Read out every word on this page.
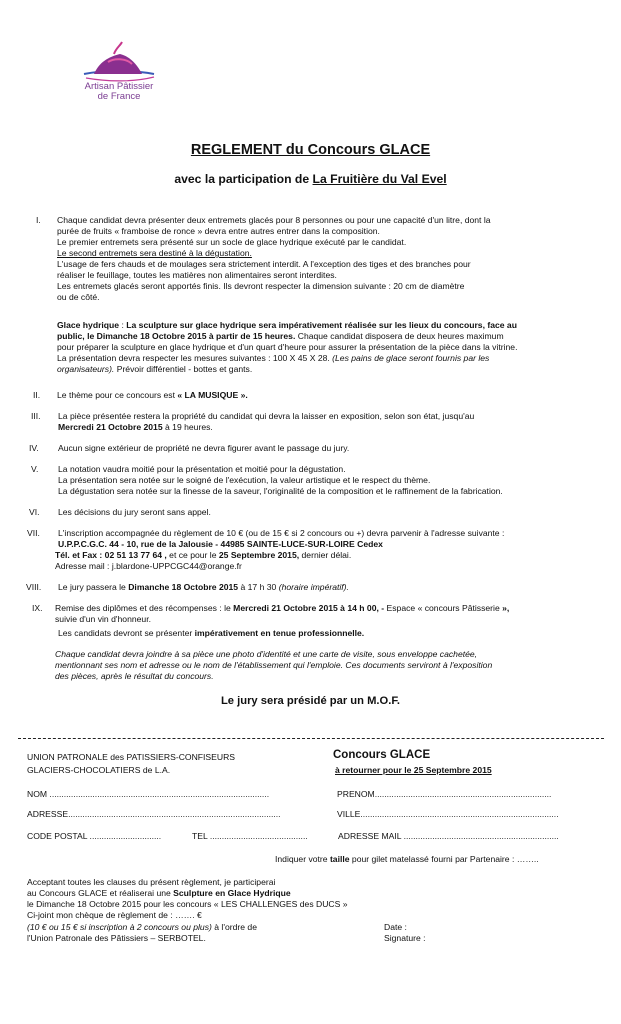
Artisan Pâtissier
de France
REGLEMENT du Concours GLACE
avec la participation de La Fruitière du Val Evel
I. Chaque candidat devra présenter deux entremets glacés pour 8 personnes ou pour une capacité d'un litre, dont la
purée de fruits « framboise de ronce » devra entre autres entrer dans la composition.
Le premier entremets sera présenté sur un socle de glace hydrique exécuté par le candidat.
Le second entremets sera destiné à la dégustation.
L'usage de fers chauds et de moulages sera strictement interdit. A l'exception des tiges et des branches pour
réaliser le feuillage, toutes les matières non alimentaires seront interdites.
Les entremets glacés seront apportés finis. Ils devront respecter la dimension suivante : 20 cm de diamètre
ou de côté.
Glace hydrique : La sculpture sur glace hydrique sera impérativement réalisée sur les lieux du concours, face au
public, le Dimanche 18 Octobre 2015 à partir de 15 heures. Chaque candidat disposera de deux heures maximum
pour préparer la sculpture en glace hydrique et d'un quart d'heure pour assurer la présentation de la pièce dans la vitrine.
La présentation devra respecter les mesures suivantes : 100 X 45 X 28. (Les pains de glace seront fournis par les
organisateurs). Prévoir différentiel - bottes et gants.
II. Le thème pour ce concours est « LA MUSIQUE ».
III. La pièce présentée restera la propriété du candidat qui devra la laisser en exposition, selon son état, jusqu'au
Mercredi 21 Octobre 2015 à 19 heures.
IV. Aucun signe extérieur de propriété ne devra figurer avant le passage du jury.
V. La notation vaudra moitié pour la présentation et moitié pour la dégustation.
La présentation sera notée sur le soigné de l'exécution, la valeur artistique et le respect du thème.
La dégustation sera notée sur la finesse de la saveur, l'originalité de la composition et le raffinement de la fabrication.
VI. Les décisions du jury seront sans appel.
VII. L'inscription accompagnée du règlement de 10 € (ou de 15 € si 2 concours ou +) devra parvenir à l'adresse suivante :
U.P.P.C.G.C. 44 - 10, rue de la Jalousie - 44985 SAINTE-LUCE-SUR-LOIRE Cedex
Tél. et Fax : 02 51 13 77 64 , et ce pour le 25 Septembre 2015, dernier délai.
Adresse mail : j.blardone-UPPCGC44@orange.fr
VIII. Le jury passera le Dimanche 18 Octobre 2015 à 17 h 30 (horaire impératif).
IX. Remise des diplômes et des récompenses : le Mercredi 21 Octobre 2015 à 14 h 00, - Espace « concours Pâtisserie »,
suivie d'un vin d'honneur.
Les candidats devront se présenter impérativement en tenue professionnelle.
Chaque candidat devra joindre à sa pièce une photo d'identité et une carte de visite, sous enveloppe cachetée,
mentionnant ses nom et adresse ou le nom de l'établissement qui l'emploie. Ces documents serviront à l'exposition
des pièces, après le résultat du concours.
Le jury sera présidé par un M.O.F.
UNION PATRONALE des PATISSIERS-CONFISEURS
GLACIERS-CHOCOLATIERS de L.A.
Concours GLACE
à retourner pour le 25 Septembre 2015
NOM ............................................................................................	PRENOM..........................................................................
ADRESSE.........................................................................................	VILLE...................................................................................
CODE POSTAL ..............................	TEL .........................................	ADRESSE MAIL .................................................................
Indiquer votre taille pour gilet matelassé fourni par Partenaire : ……..
Acceptant toutes les clauses du présent règlement, je participerai
au Concours GLACE et réaliserai une Sculpture en Glace Hydrique
le Dimanche 18 Octobre 2015 pour les concours « LES CHALLENGES des DUCS »
Ci-joint mon chèque de règlement de : ……. €
(10 € ou 15 € si inscription à 2 concours ou plus) à l'ordre de
l'Union Patronale des Pâtissiers – SERBOTEL.
Date :
Signature :
